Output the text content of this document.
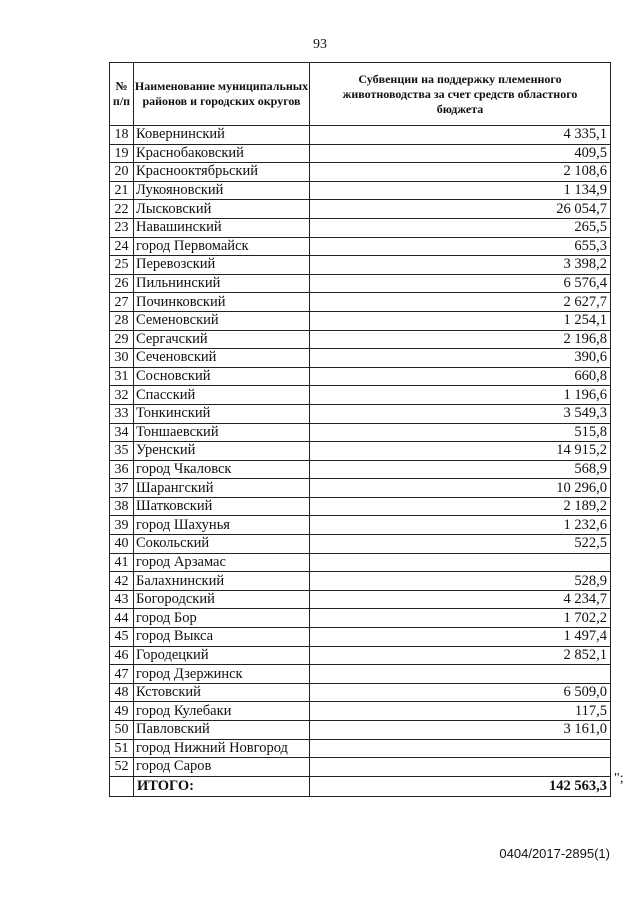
93
№ п/п	Наименование муниципальных районов и городских округов	Субвенции на поддержку племенного животноводства за счет средств областного бюджета
18	Ковернинский	4 335,1
19	Краснобаковский	409,5
20	Краснооктябрьский	2 108,6
21	Лукояновский	1 134,9
22	Лысковский	26 054,7
23	Навашинский	265,5
24	город Первомайск	655,3
25	Перевозский	3 398,2
26	Пильнинский	6 576,4
27	Починковский	2 627,7
28	Семеновский	1 254,1
29	Сергачский	2 196,8
30	Сеченовский	390,6
31	Сосновский	660,8
32	Спасский	1 196,6
33	Тонкинский	3 549,3
34	Тоншаевский	515,8
35	Уренский	14 915,2
36	город Чкаловск	568,9
37	Шарангский	10 296,0
38	Шатковский	2 189,2
39	город Шахунья	1 232,6
40	Сокольский	522,5
41	город Арзамас	
42	Балахнинский	528,9
43	Богородский	4 234,7
44	город Бор	1 702,2
45	город Выкса	1 497,4
46	Городецкий	2 852,1
47	город Дзержинск	
48	Кстовский	6 509,0
49	город Кулебаки	117,5
50	Павловский	3 161,0
51	город Нижний Новгород	
52	город Саров	
	ИТОГО:	142 563,3 ";
0404/2017-2895(1)
